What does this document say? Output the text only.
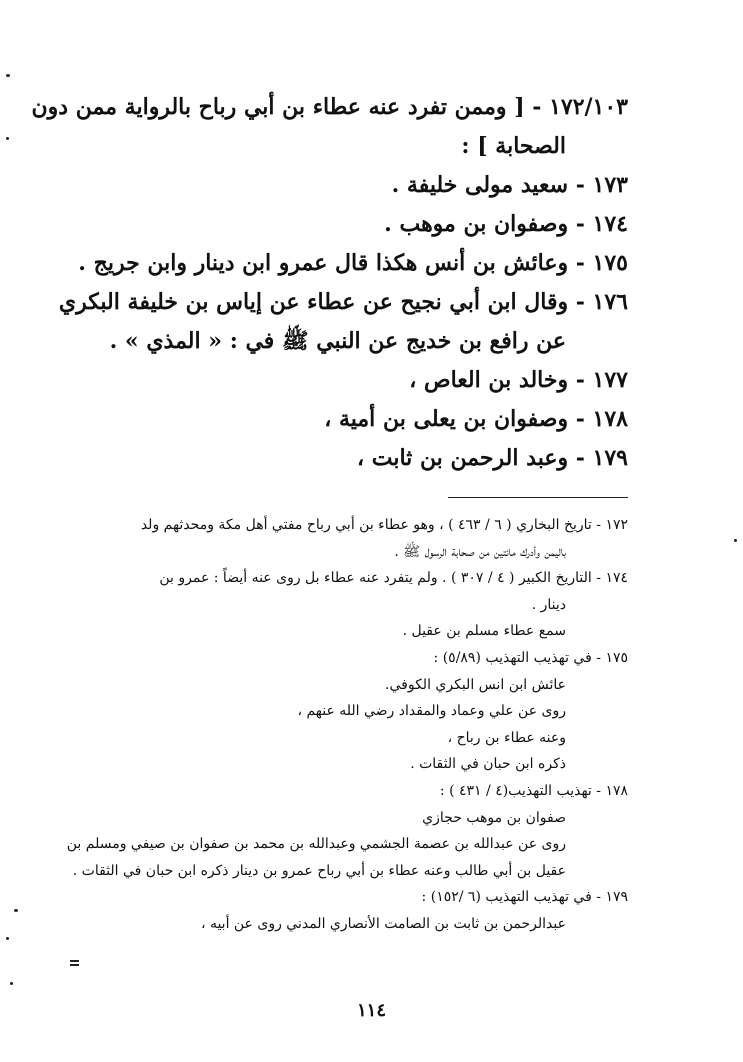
١٧٢/١٠٣ - [ وممن تفرد عنه عطاء بن أبي رباح بالرواية ممن دون
الصحابة ] :
١٧٣ - سعيد مولى خليفة .
١٧٤ - وصفوان بن موهب .
١٧٥ - وعائش بن أنس هكذا قال عمرو ابن دينار وابن جريج .
١٧٦ - وقال ابن أبي نجيح عن عطاء عن إياس بن خليفة البكري
عن رافع بن خديج عن النبي ﷺ في : « المذي » .
١٧٧ - وخالد بن العاص ،
١٧٨ - وصفوان بن يعلى بن أمية ،
١٧٩ - وعبد الرحمن بن ثابت ،
١٧٢ - تاريخ البخاري ( ٦ / ٤٦٣ ) ، وهو عطاء بن أبي رباح مفتي أهل مكة ومحدثهم ولد
باليمن وأدرك مائتين من صحابة الرسول ﷺ .
١٧٤ - التاريخ الكبير ( ٤ / ٣٠٧ ) . ولم يتفرد عنه عطاء بل روى عنه أيضاً : عمرو بن
دينار .
سمع عطاء مسلم بن عقيل .
١٧٥ - في تهذيب التهذيب (٥/٨٩) :
عائش ابن انس البكري الكوفي.
روى عن علي وعماد والمقداد رضي الله عنهم ،
وعنه عطاء بن رباح ،
ذكره ابن حبان في الثقات .
١٧٨ - تهذيب التهذيب(٤ / ٤٣١ ) :
صفوان بن موهب حجازي
روى عن عبدالله بن عصمة الجشمي وعبدالله بن محمد بن صفوان بن صيفي ومسلم بن
عقيل بن أبي طالب وعنه عطاء بن أبي رباح عمرو بن دينار ذكره ابن حبان في الثقات .
١٧٩ - في تهذيب التهذيب (٦ /١٥٢) :
عبدالرحمن بن ثابت بن الصامت الأنصاري المدني روى عن أبيه ،
١١٤
